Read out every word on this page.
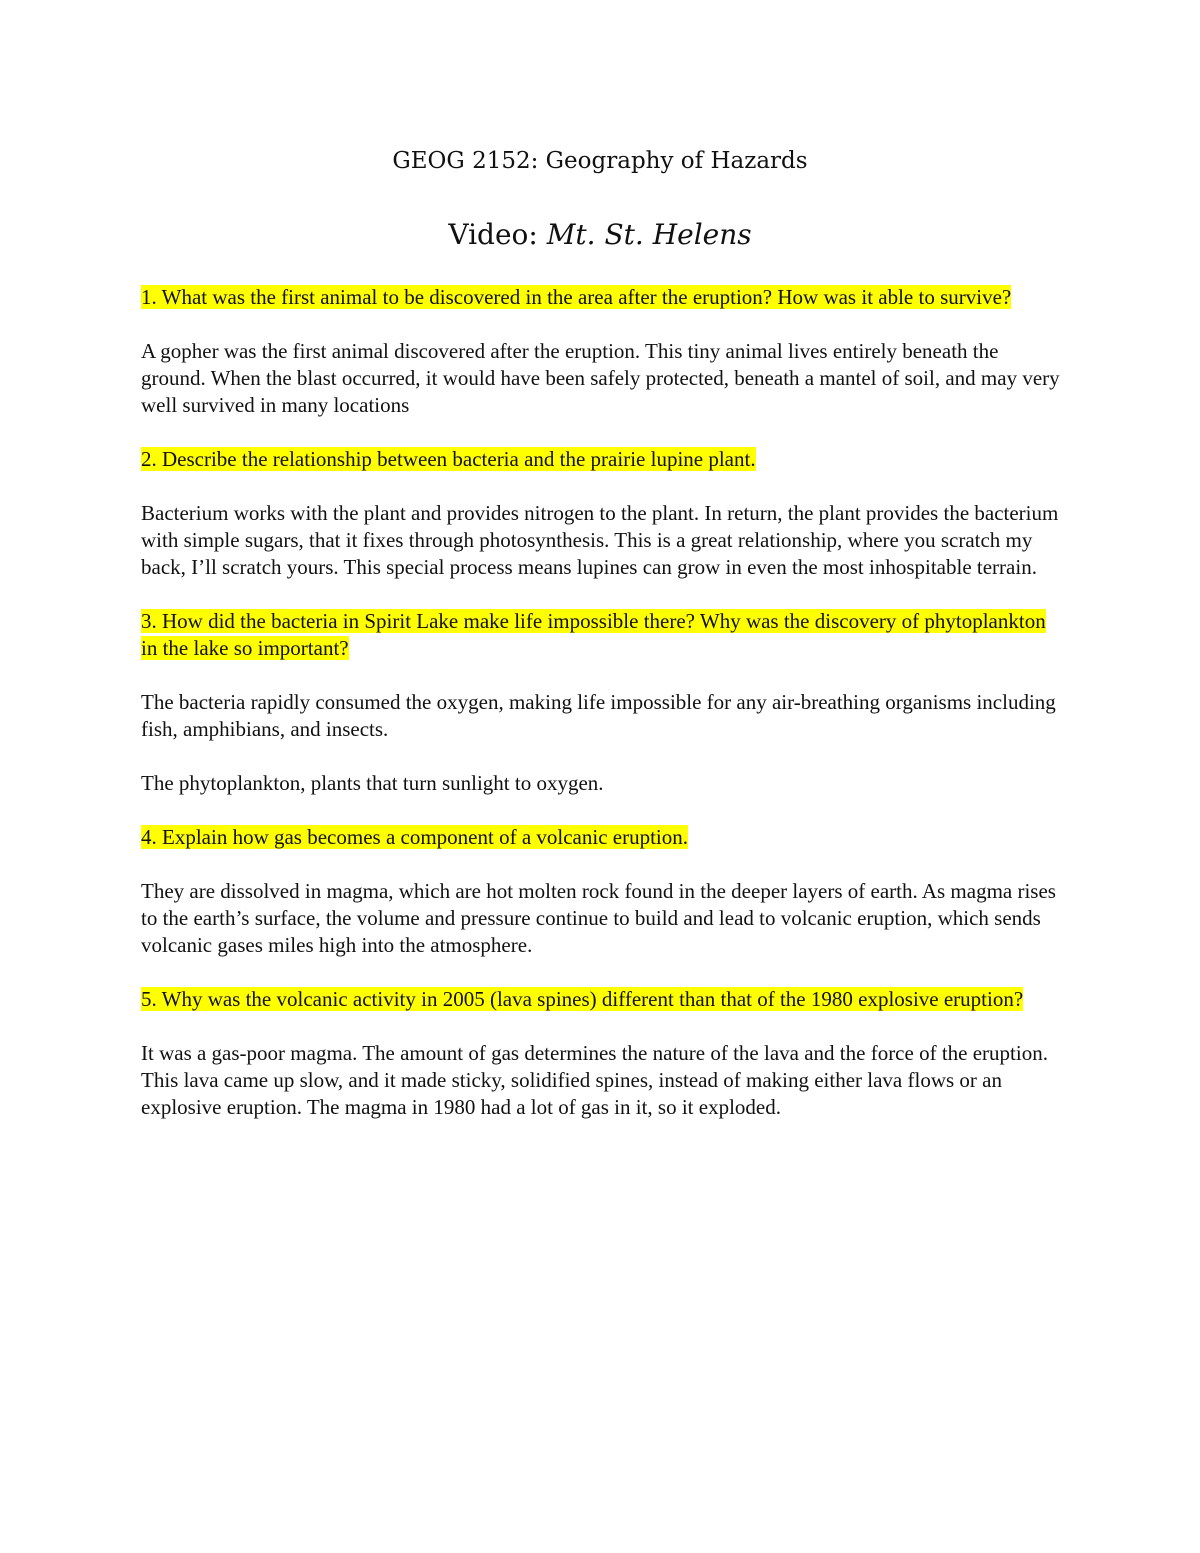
GEOG 2152: Geography of Hazards
Video: Mt. St. Helens

1. What was the first animal to be discovered in the area after the eruption? How was it able to survive?

A gopher was the first animal discovered after the eruption. This tiny animal lives entirely beneath the ground. When the blast occurred, it would have been safely protected, beneath a mantel of soil, and may very well survived in many locations

2. Describe the relationship between bacteria and the prairie lupine plant.

Bacterium works with the plant and provides nitrogen to the plant. In return, the plant provides the bacterium with simple sugars, that it fixes through photosynthesis. This is a great relationship, where you scratch my back, I’ll scratch yours. This special process means lupines can grow in even the most inhospitable terrain.

3. How did the bacteria in Spirit Lake make life impossible there? Why was the discovery of phytoplankton in the lake so important?

The bacteria rapidly consumed the oxygen, making life impossible for any air-breathing organisms including fish, amphibians, and insects.

The phytoplankton, plants that turn sunlight to oxygen.

4. Explain how gas becomes a component of a volcanic eruption.

They are dissolved in magma, which are hot molten rock found in the deeper layers of earth. As magma rises to the earth’s surface, the volume and pressure continue to build and lead to volcanic eruption, which sends volcanic gases miles high into the atmosphere.

5. Why was the volcanic activity in 2005 (lava spines) different than that of the 1980 explosive eruption?

It was a gas-poor magma. The amount of gas determines the nature of the lava and the force of the eruption. This lava came up slow, and it made sticky, solidified spines, instead of making either lava flows or an explosive eruption. The magma in 1980 had a lot of gas in it, so it exploded.
